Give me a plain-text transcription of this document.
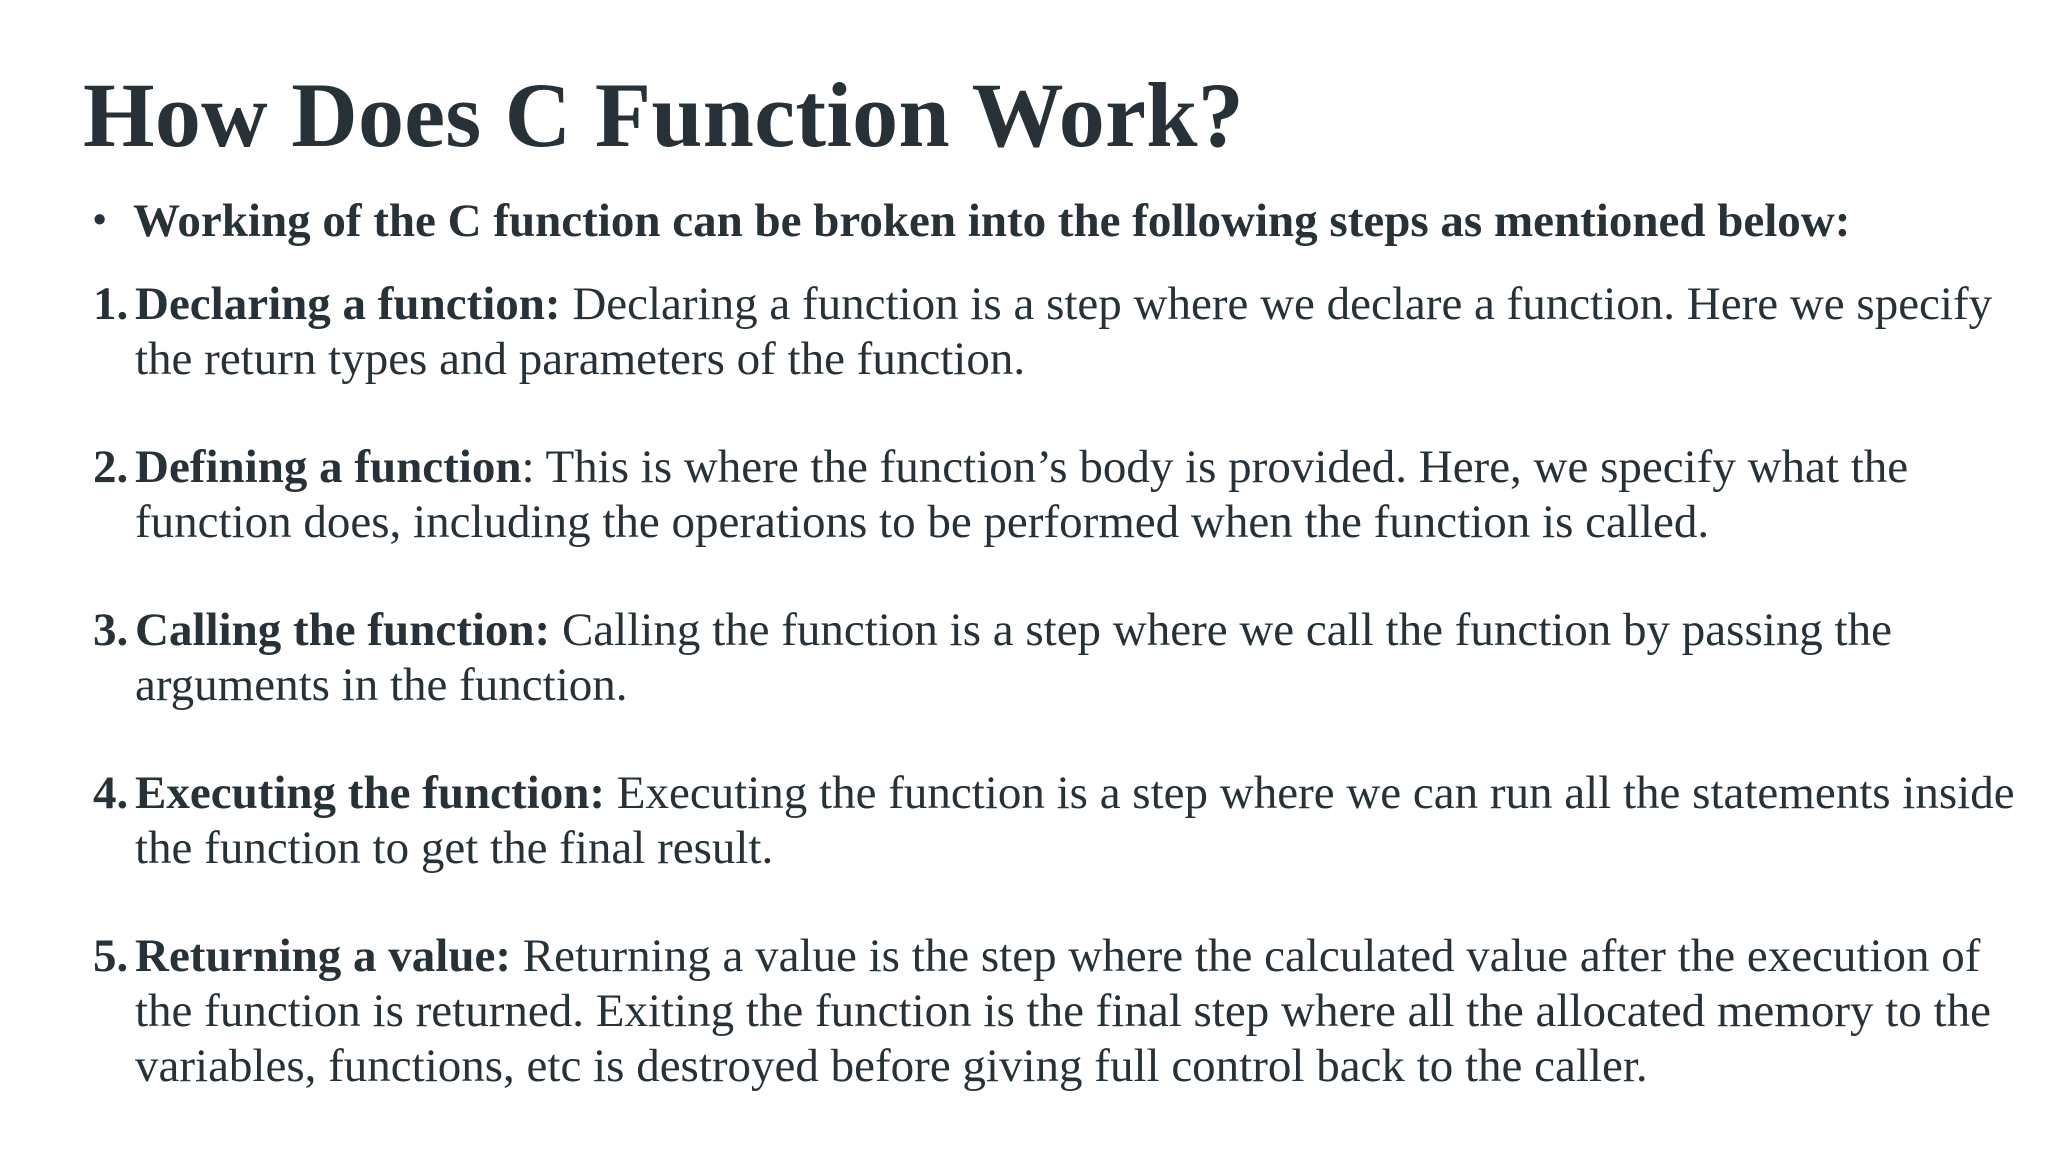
How Does C Function Work?
• Working of the C function can be broken into the following steps as mentioned below:
1. Declaring a function: Declaring a function is a step where we declare a function. Here we specify the return types and parameters of the function.
2. Defining a function: This is where the function’s body is provided. Here, we specify what the function does, including the operations to be performed when the function is called.
3. Calling the function: Calling the function is a step where we call the function by passing the arguments in the function.
4. Executing the function: Executing the function is a step where we can run all the statements inside the function to get the final result.
5. Returning a value: Returning a value is the step where the calculated value after the execution of the function is returned. Exiting the function is the final step where all the allocated memory to the variables, functions, etc is destroyed before giving full control back to the caller.
